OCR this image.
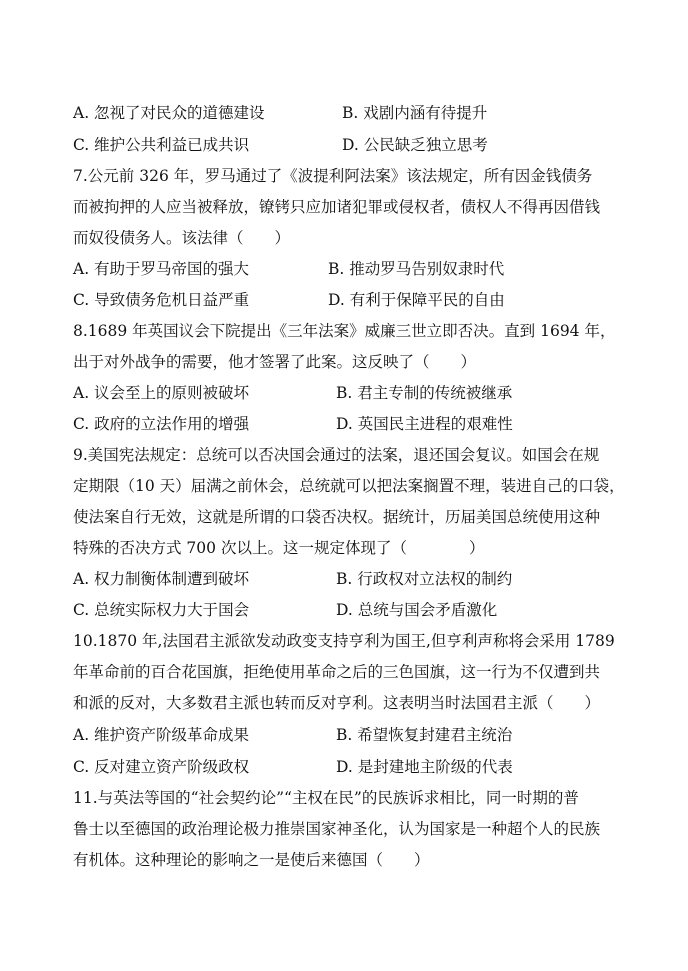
A. 忽视了对民众的道德建设	B. 戏剧内涵有待提升
C. 维护公共利益已成共识	D. 公民缺乏独立思考
7.公元前 326 年，罗马通过了《波提利阿法案》该法规定，所有因金钱债务
而被拘押的人应当被释放，镣铐只应加诸犯罪或侵权者，债权人不得再因借钱
而奴役债务人。该法律（　　）
A. 有助于罗马帝国的强大	B. 推动罗马告别奴隶时代
C. 导致债务危机日益严重	D. 有利于保障平民的自由
8.1689 年英国议会下院提出《三年法案》威廉三世立即否决。直到 1694 年，
出于对外战争的需要，他才签署了此案。这反映了（　　）
A. 议会至上的原则被破坏	B. 君主专制的传统被继承
C. 政府的立法作用的增强	D. 英国民主进程的艰难性
9.美国宪法规定：总统可以否决国会通过的法案，退还国会复议。如国会在规
定期限（10 天）届满之前休会，总统就可以把法案搁置不理，装进自己的口袋，
使法案自行无效，这就是所谓的口袋否决权。据统计，历届美国总统使用这种
特殊的否决方式 700 次以上。这一规定体现了（　　　　）
A. 权力制衡体制遭到破坏	B. 行政权对立法权的制约
C. 总统实际权力大于国会	D. 总统与国会矛盾激化
10.1870 年,法国君主派欲发动政变支持亨利为国王,但亨利声称将会采用 1789
年革命前的百合花国旗，拒绝使用革命之后的三色国旗，这一行为不仅遭到共
和派的反对，大多数君主派也转而反对亨利。这表明当时法国君主派（　　）
A. 维护资产阶级革命成果	B. 希望恢复封建君主统治
C. 反对建立资产阶级政权	D. 是封建地主阶级的代表
11.与英法等国的“社会契约论”“主权在民”的民族诉求相比，同一时期的普
鲁士以至德国的政治理论极力推崇国家神圣化，认为国家是一种超个人的民族
有机体。这种理论的影响之一是使后来德国（　　）
